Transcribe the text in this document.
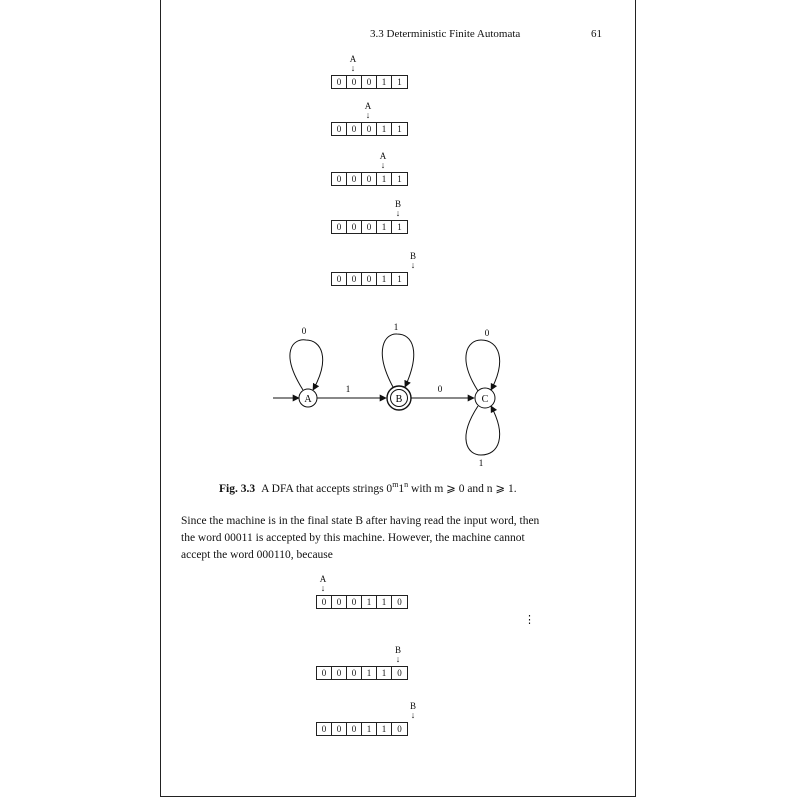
3.3 Deterministic Finite Automata	61
0	0	0	1	1
A
↓
0	0	0	1	1
A
↓
0	0	0	1	1
A
↓
0	0	0	1	1
B
↓
0	0	0	1	1
B
↓
A	B	C
1	0
0	1
0
1
Fig. 3.3 A DFA that accepts strings 0$^m$1$^n$ with m ⩾ 0 and n ⩾ 1.
Since the machine is in the final state B after having read the input word, then
the word 00011 is accepted by this machine. However, the machine cannot
accept the word 000110, because
0	0	0	1	1	0
A
↓
0	0	0	1	1	0
B
↓
0	0	0	1	1	0
B
↓
⋮
